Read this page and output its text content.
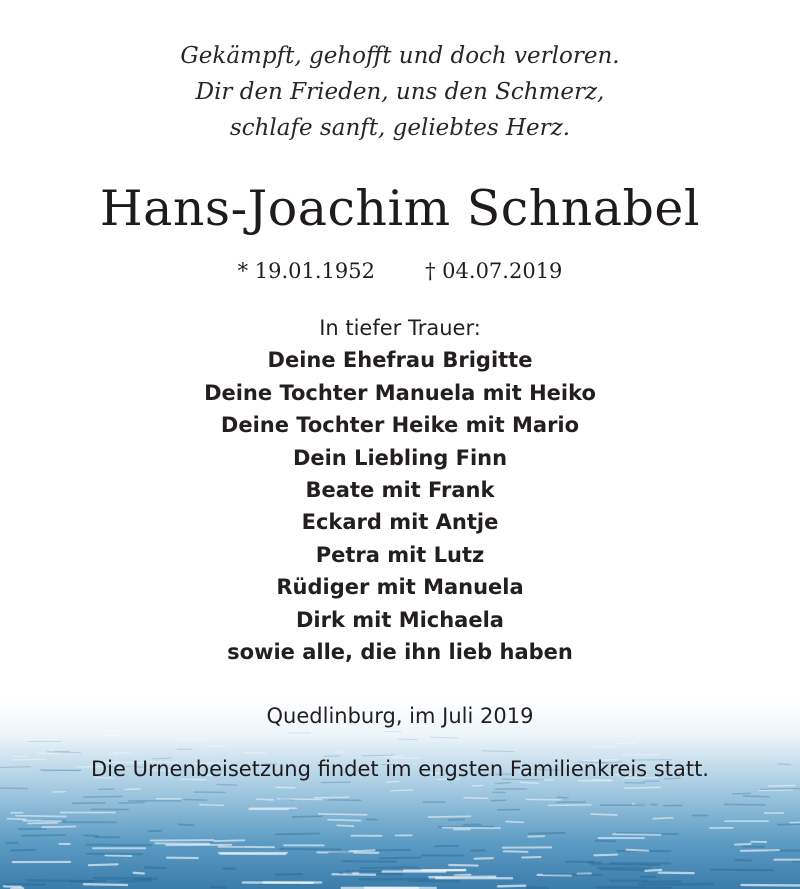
Gekämpft, gehofft und doch verloren.
Dir den Frieden, uns den Schmerz,
schlafe sanft, geliebtes Herz.
Hans-Joachim Schnabel
* 19.01.1952 † 04.07.2019
In tiefer Trauer:
Deine Ehefrau Brigitte
Deine Tochter Manuela mit Heiko
Deine Tochter Heike mit Mario
Dein Liebling Finn
Beate mit Frank
Eckard mit Antje
Petra mit Lutz
Rüdiger mit Manuela
Dirk mit Michaela
sowie alle, die ihn lieb haben
Quedlinburg, im Juli 2019
Die Urnenbeisetzung findet im engsten Familienkreis statt.
